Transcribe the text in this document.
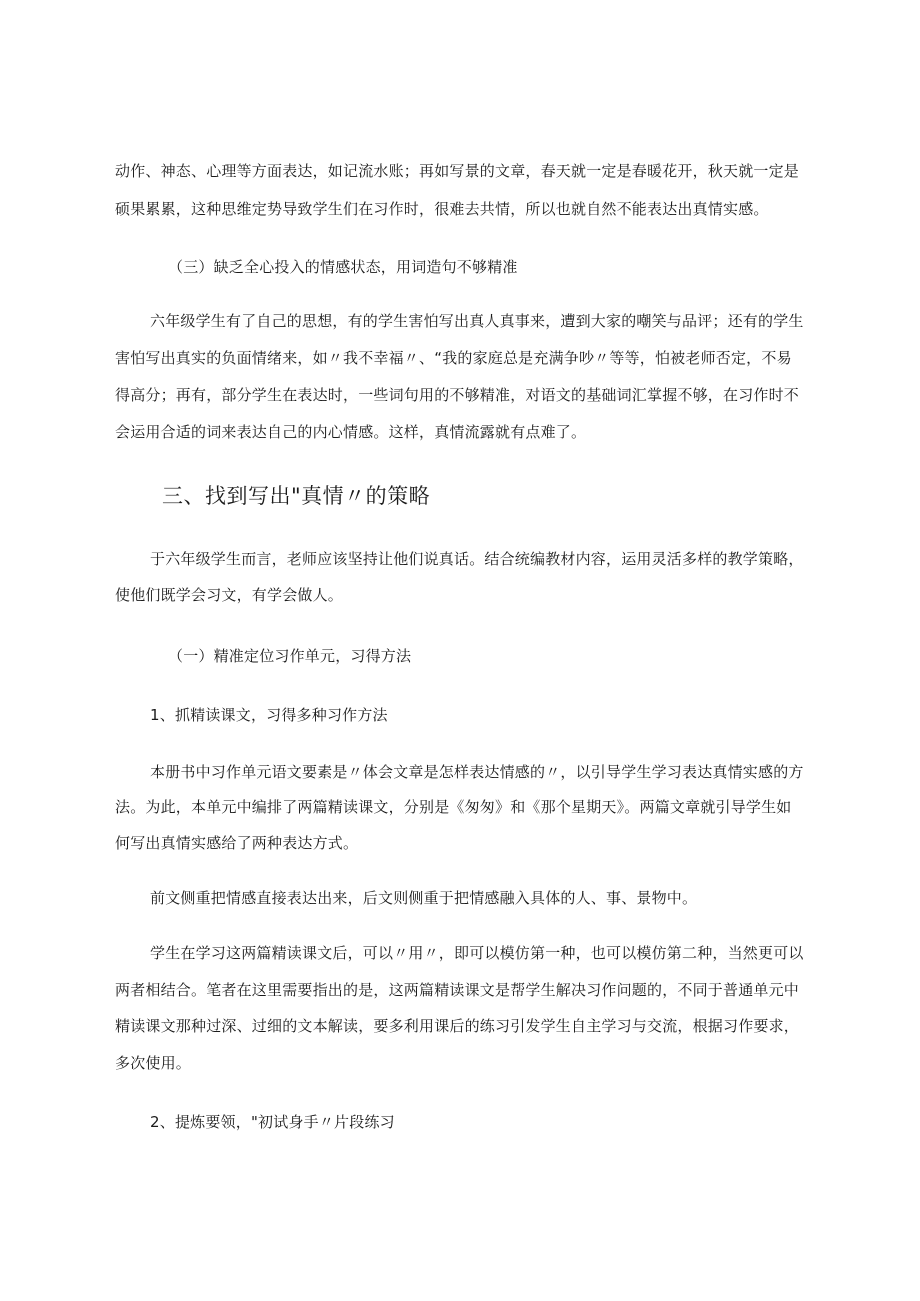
动作、神态、心理等方面表达，如记流水账；再如写景的文章，春天就一定是春暖花开，秋天就一定是
硕果累累，这种思维定势导致学生们在习作时，很难去共情，所以也就自然不能表达出真情实感。
（三）缺乏全心投入的情感状态，用词造句不够精准
六年级学生有了自己的思想，有的学生害怕写出真人真事来，遭到大家的嘲笑与品评；还有的学生
害怕写出真实的负面情绪来，如〃我不幸福〃、“我的家庭总是充满争吵〃等等，怕被老师否定，不易
得高分；再有，部分学生在表达时，一些词句用的不够精准，对语文的基础词汇掌握不够，在习作时不
会运用合适的词来表达自己的内心情感。这样，真情流露就有点难了。
三、找到写出"真情〃的策略
于六年级学生而言，老师应该坚持让他们说真话。结合统编教材内容，运用灵活多样的教学策略，
使他们既学会习文，有学会做人。
（一）精准定位习作单元，习得方法
1、抓精读课文，习得多种习作方法
本册书中习作单元语文要素是〃体会文章是怎样表达情感的〃，以引导学生学习表达真情实感的方
法。为此，本单元中编排了两篇精读课文，分别是《匆匆》和《那个星期天》。两篇文章就引导学生如
何写出真情实感给了两种表达方式。
前文侧重把情感直接表达出来，后文则侧重于把情感融入具体的人、事、景物中。
学生在学习这两篇精读课文后，可以〃用〃，即可以模仿第一种，也可以模仿第二种，当然更可以
两者相结合。笔者在这里需要指出的是，这两篇精读课文是帮学生解决习作问题的，不同于普通单元中
精读课文那种过深、过细的文本解读，要多利用课后的练习引发学生自主学习与交流，根据习作要求，
多次使用。
2、提炼要领，"初试身手〃片段练习
